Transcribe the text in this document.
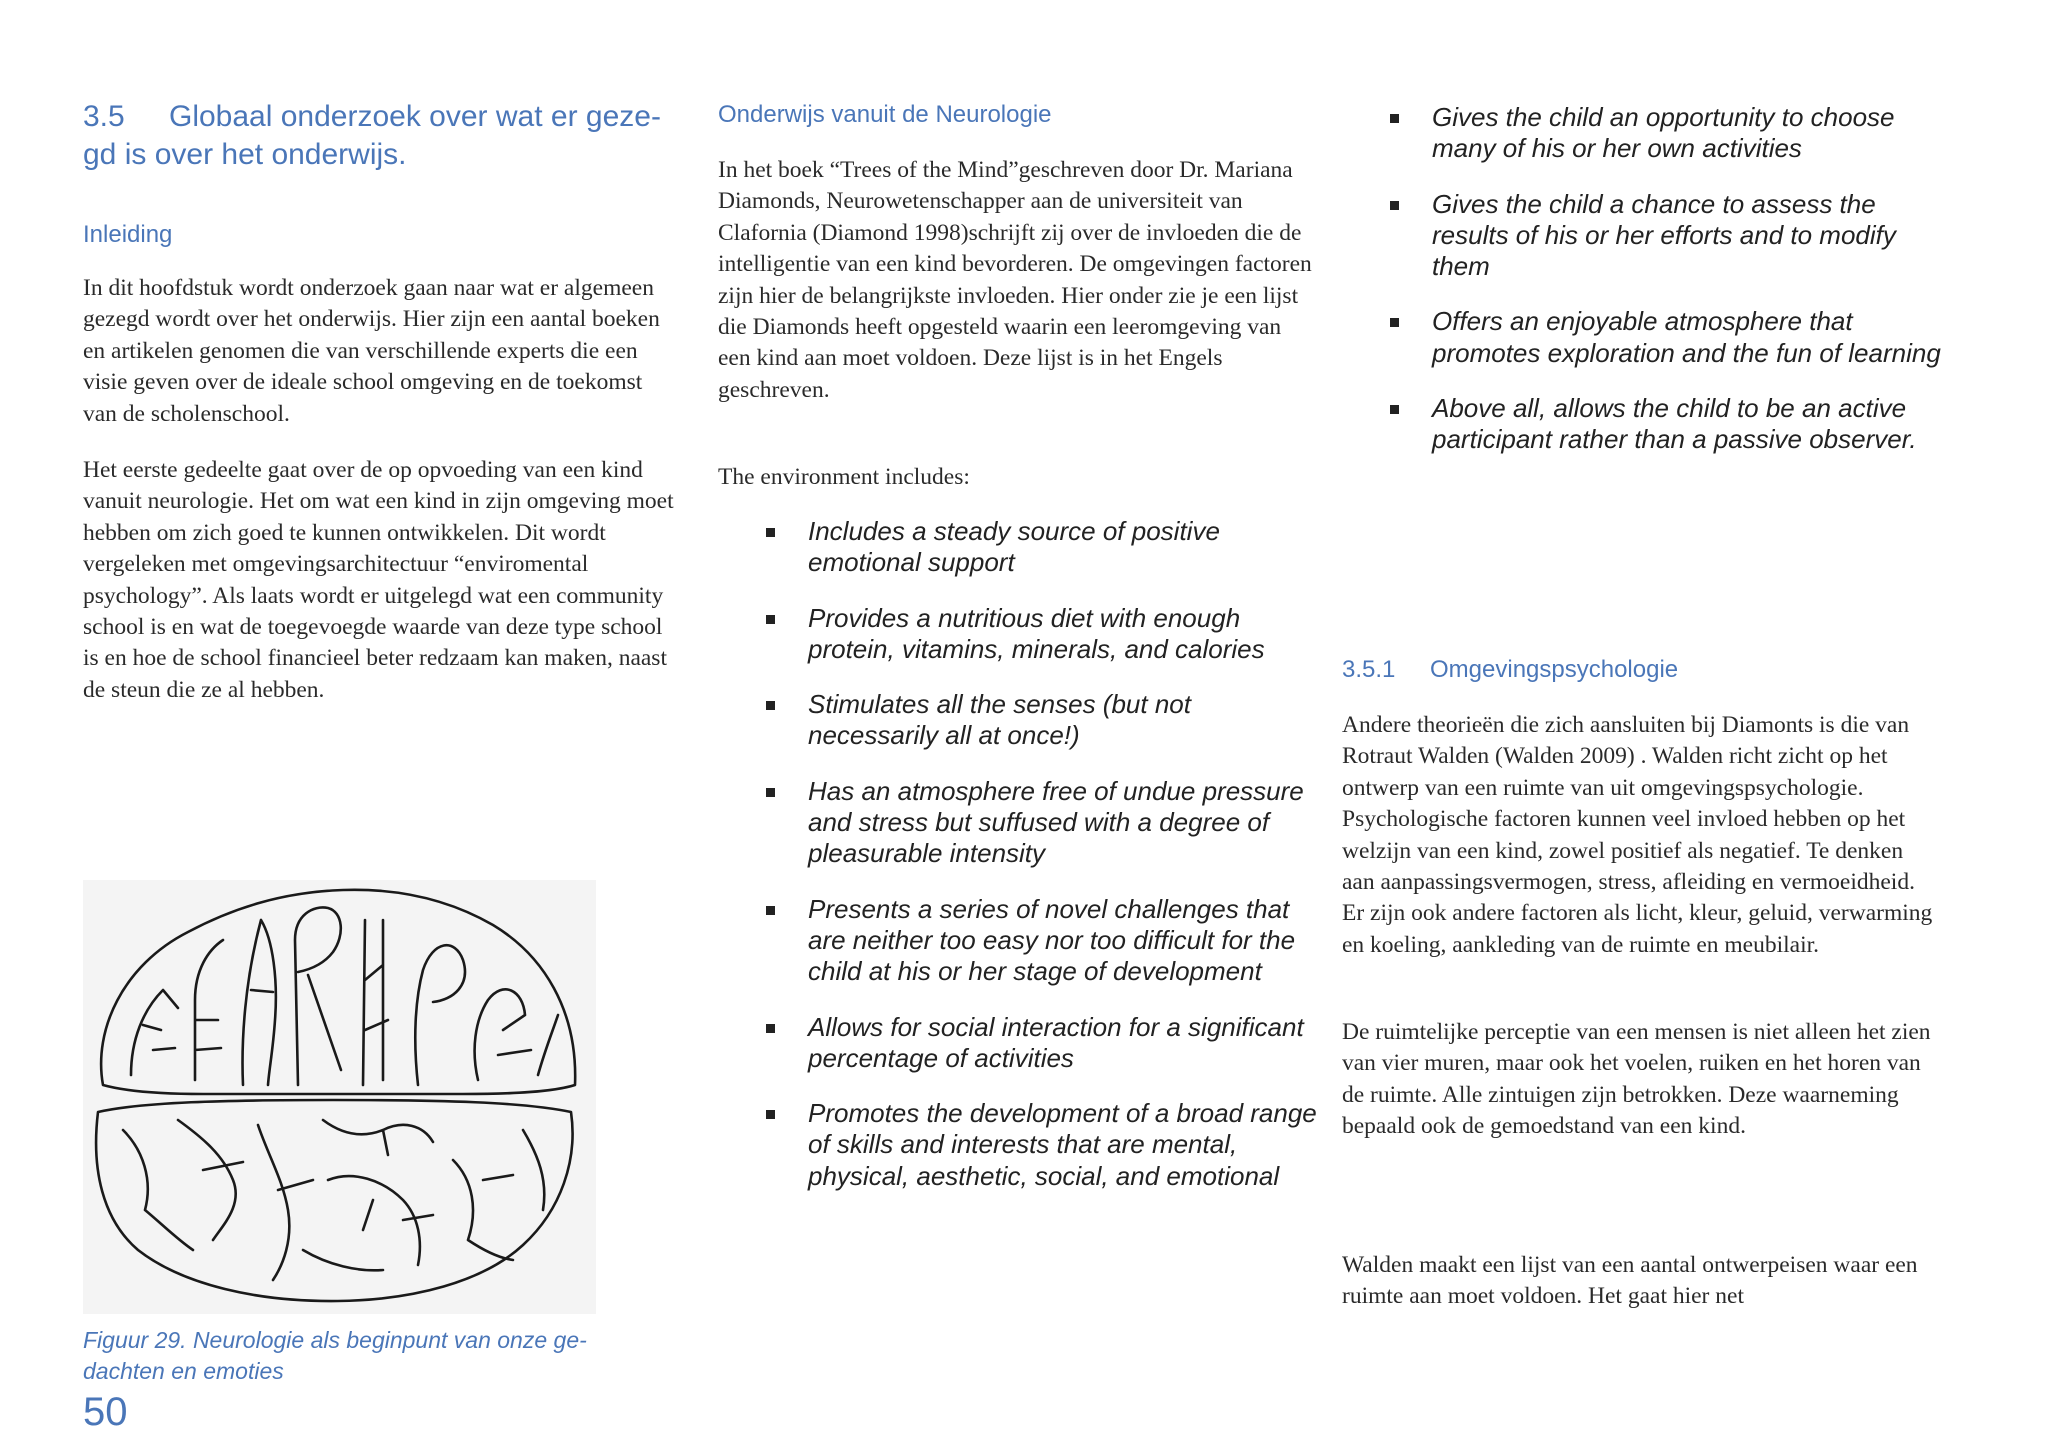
3.5 Globaal onderzoek over wat er geze-
gd is over het onderwijs.
Inleiding
In dit hoofdstuk wordt onderzoek gaan naar wat er algemeen gezegd wordt over het onderwijs. Hier zijn een aantal boeken en artikelen genomen die van verschillende experts die een visie geven over de ideale school omgeving en de toekomst van de scholenschool.
Het eerste gedeelte gaat over de op opvoeding van een kind vanuit neurologie. Het om wat een kind in zijn omgeving moet hebben om zich goed te kunnen ontwikkelen. Dit wordt vergeleken met omgevingsarchitectuur “enviromental psychology”. Als laats wordt er uitgelegd wat een community school is en wat de toegevoegde waarde van deze type school is en hoe de school financieel beter redzaam kan maken, naast de steun die ze al hebben.
Figuur 29. Neurologie als beginpunt van onze ge-
dachten en emoties
50
Onderwijs vanuit de Neurologie
In het boek “Trees of the Mind”geschreven door Dr. Mariana Diamonds, Neurowetenschapper aan de universiteit van Clafornia (Diamond 1998)schrijft zij over de invloeden die de intelligentie van een kind bevorderen. De omgevingen factoren zijn hier de belangrijkste invloeden. Hier onder zie je een lijst die Diamonds heeft opgesteld waarin een leeromgeving van een kind aan moet voldoen. Deze lijst is in het Engels geschreven.
The environment includes:
Includes a steady source of positive emotional support
Provides a nutritious diet with enough protein, vitamins, minerals, and calories
Stimulates all the senses (but not necessarily all at once!)
Has an atmosphere free of undue pressure and stress but suffused with a degree of pleasurable intensity
Presents a series of novel challenges that are neither too easy nor too difficult for the child at his or her stage of development
Allows for social interaction for a significant percentage of activities
Promotes the development of a broad range of skills and interests that are mental, physical, aesthetic, social, and emotional
Gives the child an opportunity to choose many of his or her own activities
Gives the child a chance to assess the results of his or her efforts and to modify them
Offers an enjoyable atmosphere that promotes exploration and the fun of learning
Above all, allows the child to be an active participant rather than a passive observer.
3.5.1 Omgevingspsychologie
Andere theorieën die zich aansluiten bij Diamonts is die van Rotraut Walden (Walden 2009) . Walden richt zicht op het ontwerp van een ruimte van uit omgevingspsychologie. Psychologische factoren kunnen veel invloed hebben op het welzijn van een kind, zowel positief als negatief. Te denken aan aanpassingsvermogen, stress, afleiding en vermoeidheid. Er zijn ook andere factoren als licht, kleur, geluid, verwarming en koeling, aankleding van de ruimte en meubilair.
De ruimtelijke perceptie van een mensen is niet alleen het zien van vier muren, maar ook het voelen, ruiken en het horen van de ruimte. Alle zintuigen zijn betrokken. Deze waarneming bepaald ook de gemoedstand van een kind.
Walden maakt een lijst van een aantal ontwerpeisen waar een ruimte aan moet voldoen. Het gaat hier net
